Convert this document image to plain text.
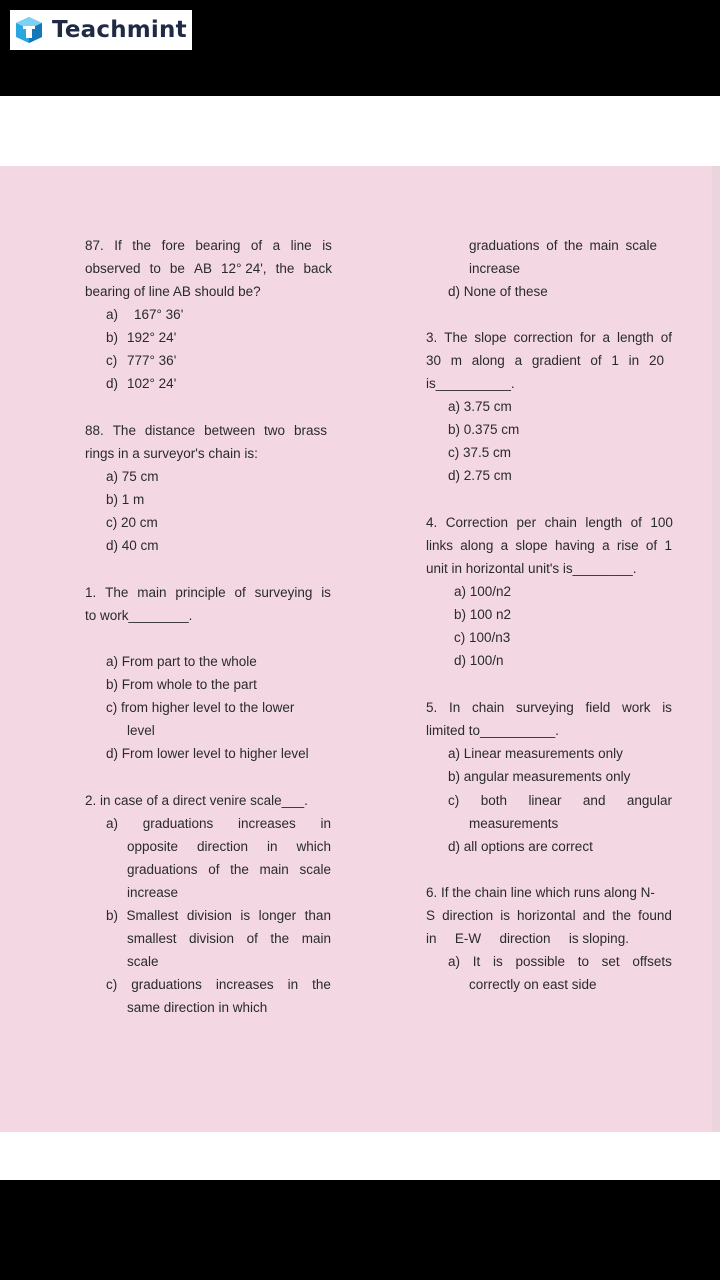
Teachmint
87. If the fore bearing of a line is
observed to be AB 12° 24', the back
bearing of line AB should be?
a) 167° 36'
b) 192° 24'
c) 777° 36'
d) 102° 24'
88. The distance between two brass
rings in a surveyor's chain is:
a) 75 cm
b) 1 m
c) 20 cm
d) 40 cm
1. The main principle of surveying is
to work________.
a) From part to the whole
b) From whole to the part
c) from higher level to the lower
level
d) From lower level to higher level
2. in case of a direct venire scale___.
a) graduations increases in
opposite direction in which
graduations of the main scale
increase
b) Smallest division is longer than
smallest division of the main
scale
c) graduations increases in the
same direction in which
graduations of the main scale
increase
d) None of these
3. The slope correction for a length of
30 m along a gradient of 1 in 20
is__________.
a) 3.75 cm
b) 0.375 cm
c) 37.5 cm
d) 2.75 cm
4. Correction per chain length of 100
links along a slope having a rise of 1
unit in horizontal unit's is________.
a) 100/n2
b) 100 n2
c) 100/n3
d) 100/n
5. In chain surveying field work is
limited to__________.
a) Linear measurements only
b) angular measurements only
c) both linear and angular
measurements
d) all options are correct
6. If the chain line which runs along N-
S direction is horizontal and the found
in E-W direction is sloping.
a) It is possible to set offsets
correctly on east side
